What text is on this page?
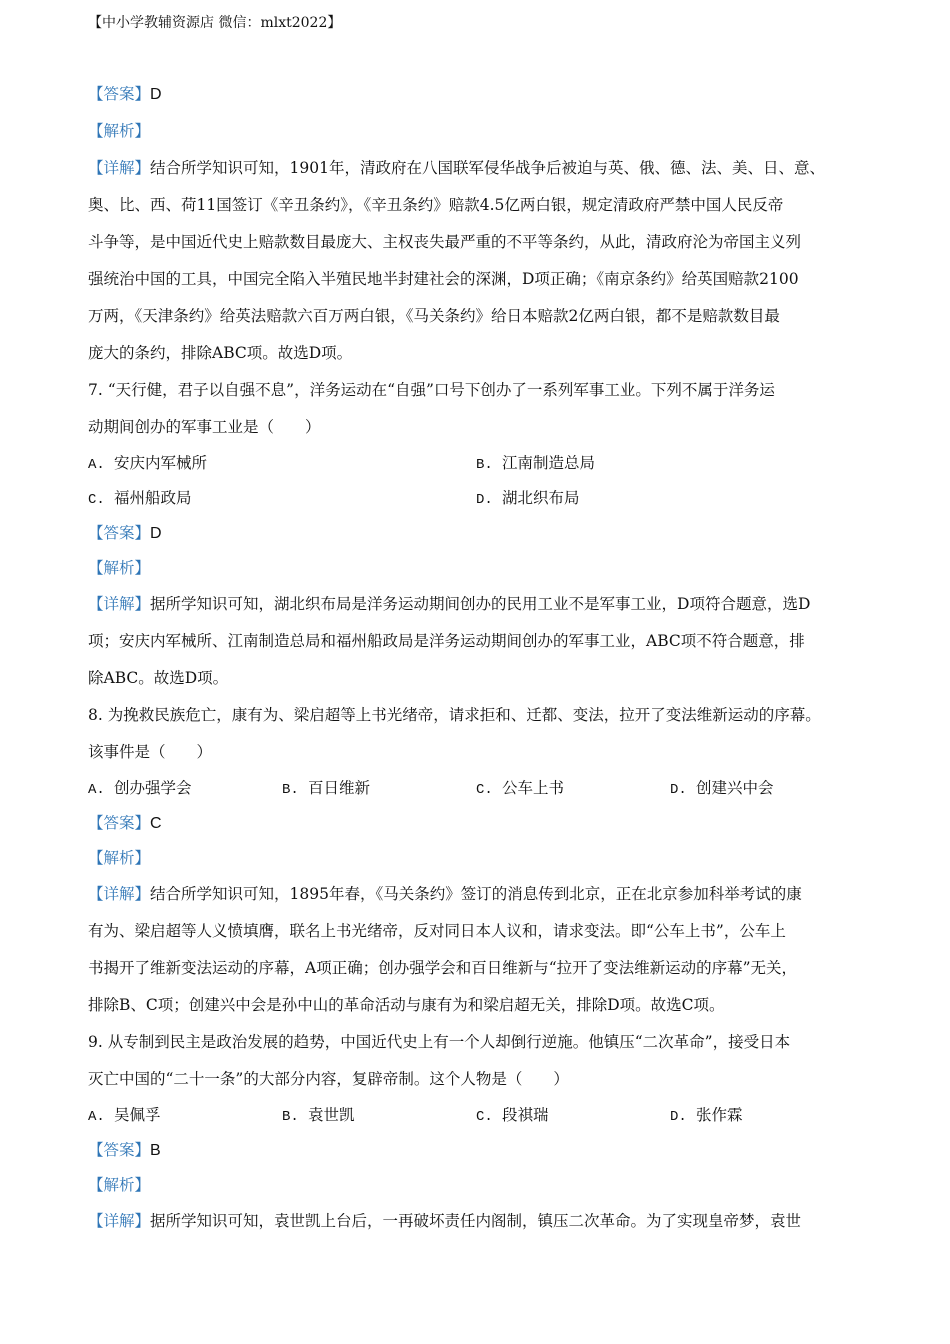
【中小学教辅资源店 微信：mlxt2022】
【答案】D
【解析】
【详解】结合所学知识可知，1901年，清政府在八国联军侵华战争后被迫与英、俄、德、法、美、日、意、
奥、比、西、荷11国签订《辛丑条约》，《辛丑条约》赔款4.5亿两白银，规定清政府严禁中国人民反帝
斗争等，是中国近代史上赔款数目最庞大、主权丧失最严重的不平等条约，从此，清政府沦为帝国主义列
强统治中国的工具，中国完全陷入半殖民地半封建社会的深渊，D项正确；《南京条约》给英国赔款2100
万两，《天津条约》给英法赔款六百万两白银，《马关条约》给日本赔款2亿两白银，都不是赔款数目最
庞大的条约，排除ABC项。故选D项。
7. “天行健，君子以自强不息”，洋务运动在“自强”口号下创办了一系列军事工业。下列不属于洋务运
动期间创办的军事工业是（　　）
A. 安庆内军械所	B. 江南制造总局
C. 福州船政局	D. 湖北织布局
【答案】D
【解析】
【详解】据所学知识可知，湖北织布局是洋务运动期间创办的民用工业不是军事工业，D项符合题意，选D
项；安庆内军械所、江南制造总局和福州船政局是洋务运动期间创办的军事工业，ABC项不符合题意，排
除ABC。故选D项。
8. 为挽救民族危亡，康有为、梁启超等上书光绪帝，请求拒和、迁都、变法，拉开了变法维新运动的序幕。
该事件是（　　）
A. 创办强学会	B. 百日维新	C. 公车上书	D. 创建兴中会
【答案】C
【解析】
【详解】结合所学知识可知，1895年春，《马关条约》签订的消息传到北京，正在北京参加科举考试的康
有为、梁启超等人义愤填膺，联名上书光绪帝，反对同日本人议和，请求变法。即“公车上书”，公车上
书揭开了维新变法运动的序幕，A项正确；创办强学会和百日维新与“拉开了变法维新运动的序幕”无关，
排除B、C项；创建兴中会是孙中山的革命活动与康有为和梁启超无关，排除D项。故选C项。
9. 从专制到民主是政治发展的趋势，中国近代史上有一个人却倒行逆施。他镇压“二次革命”，接受日本
灭亡中国的“二十一条”的大部分内容，复辟帝制。这个人物是（　　）
A. 吴佩孚	B. 袁世凯	C. 段祺瑞	D. 张作霖
【答案】B
【解析】
【详解】据所学知识可知，袁世凯上台后，一再破坏责任内阁制，镇压二次革命。为了实现皇帝梦，袁世
